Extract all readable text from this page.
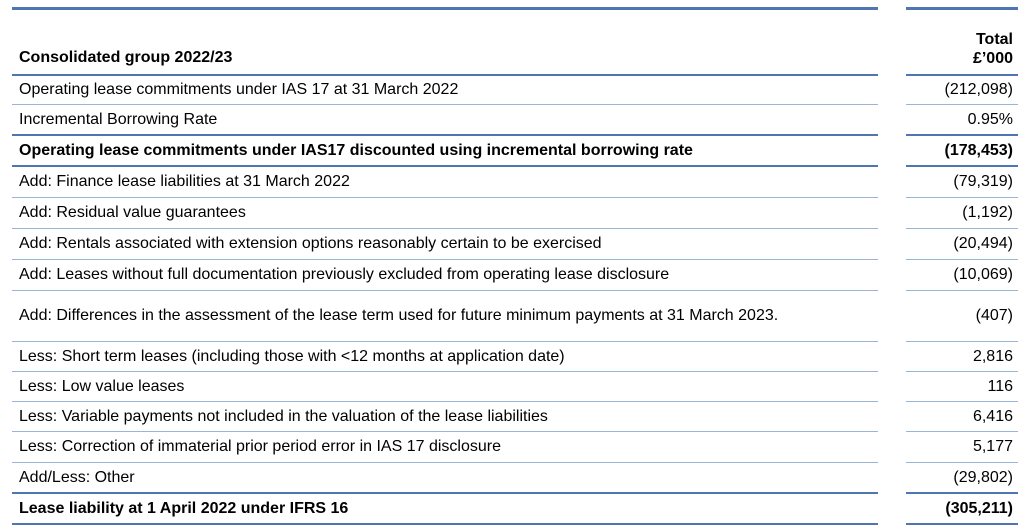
Consolidated group 2022/23
Total
£’000
Operating lease commitments under IAS 17 at 31 March 2022	(212,098)
Incremental Borrowing Rate	0.95%
Operating lease commitments under IAS17 discounted using incremental borrowing rate	(178,453)
Add: Finance lease liabilities at 31 March 2022	(79,319)
Add: Residual value guarantees	(1,192)
Add: Rentals associated with extension options reasonably certain to be exercised	(20,494)
Add: Leases without full documentation previously excluded from operating lease disclosure	(10,069)
Add: Differences in the assessment of the lease term used for future minimum payments at 31 March 2023.	(407)
Less: Short term leases (including those with <12 months at application date)	2,816
Less: Low value leases	116
Less: Variable payments not included in the valuation of the lease liabilities	6,416
Less: Correction of immaterial prior period error in IAS 17 disclosure	5,177
Add/Less: Other	(29,802)
Lease liability at 1 April 2022 under IFRS 16	(305,211)
